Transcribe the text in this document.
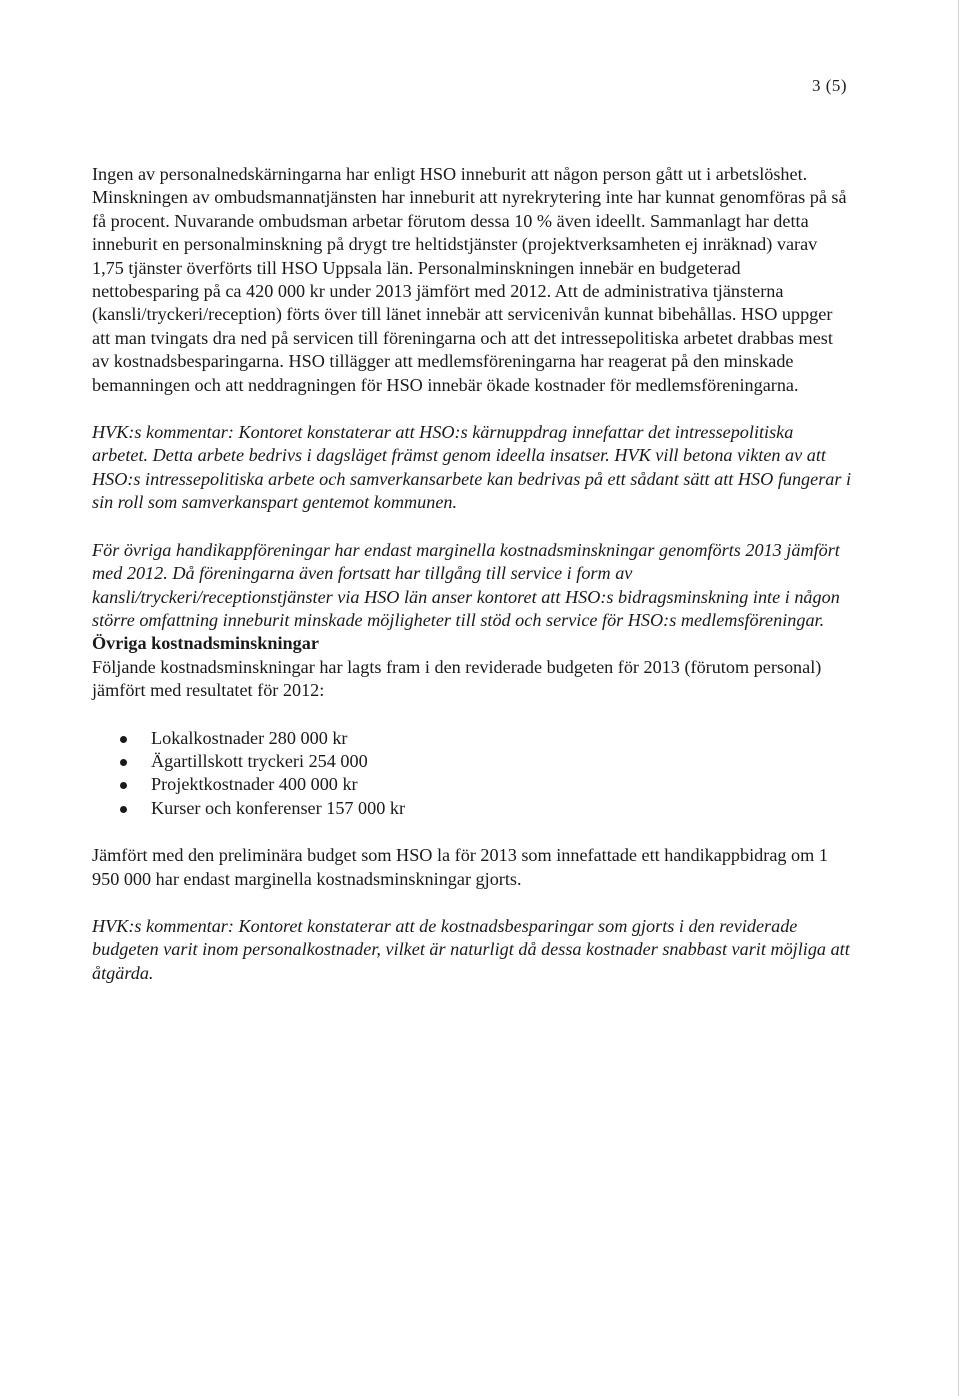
3 (5)

Ingen av personalnedskärningarna har enligt HSO inneburit att någon person gått ut i arbetslöshet. Minskningen av ombudsmannatjänsten har inneburit att nyrekrytering inte har kunnat genomföras på så få procent. Nuvarande ombudsman arbetar förutom dessa 10 % även ideellt. Sammanlagt har detta inneburit en personalminskning på drygt tre heltidstjänster (projektverksamheten ej inräknad) varav 1,75 tjänster överförts till HSO Uppsala län. Personalminskningen innebär en budgeterad nettobesparing på ca 420 000 kr under 2013 jämfört med 2012. Att de administrativa tjänsterna (kansli/tryckeri/reception) förts över till länet innebär att servicenivån kunnat bibehållas. HSO uppger att man tvingats dra ned på servicen till föreningarna och att det intressepolitiska arbetet drabbas mest av kostnadsbesparingarna. HSO tillägger att medlemsföreningarna har reagerat på den minskade bemanningen och att neddragningen för HSO innebär ökade kostnader för medlemsföreningarna.

HVK:s kommentar: Kontoret konstaterar att HSO:s kärnuppdrag innefattar det intressepolitiska arbetet. Detta arbete bedrivs i dagsläget främst genom ideella insatser. HVK vill betona vikten av att HSO:s intressepolitiska arbete och samverkansarbete kan bedrivas på ett sådant sätt att HSO fungerar i sin roll som samverkanspart gentemot kommunen.

För övriga handikappföreningar har endast marginella kostnadsminskningar genomförts 2013 jämfört med 2012. Då föreningarna även fortsatt har tillgång till service i form av kansli/tryckeri/receptionstjänster via HSO län anser kontoret att HSO:s bidragsminskning inte i någon större omfattning inneburit minskade möjligheter till stöd och service för HSO:s medlemsföreningar.

Övriga kostnadsminskningar

Följande kostnadsminskningar har lagts fram i den reviderade budgeten för 2013 (förutom personal) jämfört med resultatet för 2012:

Lokalkostnader 280 000 kr
Ägartillskott tryckeri 254 000
Projektkostnader 400 000 kr
Kurser och konferenser 157 000 kr

Jämfört med den preliminära budget som HSO la för 2013 som innefattade ett handikappbidrag om 1 950 000 har endast marginella kostnadsminskningar gjorts.

HVK:s kommentar: Kontoret konstaterar att de kostnadsbesparingar som gjorts i den reviderade budgeten varit inom personalkostnader, vilket är naturligt då dessa kostnader snabbast varit möjliga att åtgärda.
